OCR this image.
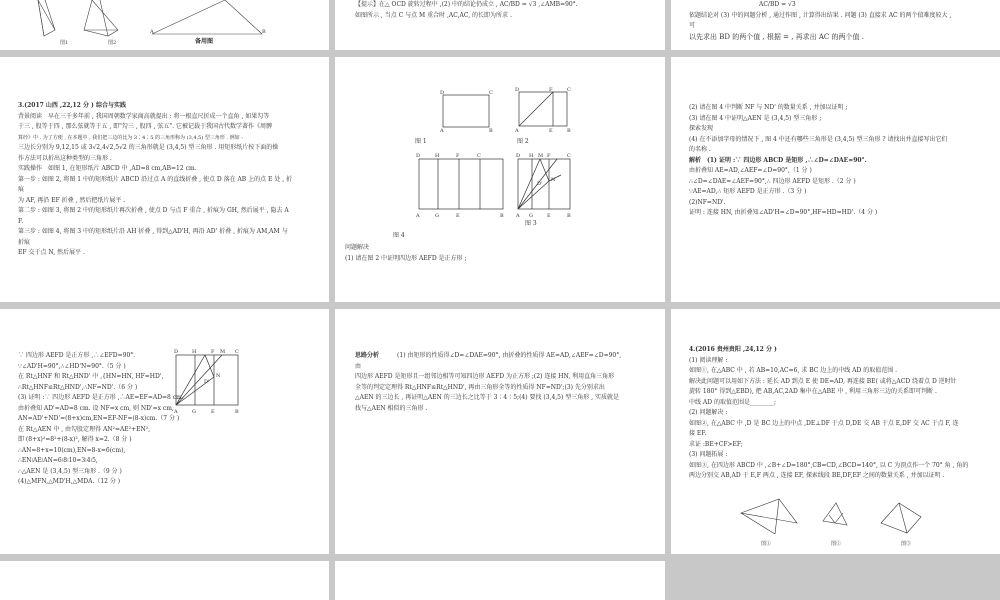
图1	图2
A	B
备用图

【提示】在△ OCD 旋转过程中 ,(2) 中的结论仍成立 , AC/BD = √3 ,∠AMB=90°.

如图所示 , 当点 C 与点 M 重合时 ,AC,AC, 的长即为所求 .

AC/BD = √3

依题结论对 (3) 中的问题分析 , 通过作图 , 计算得出结果 . 问题 (3) 直接求 AC 的两个值难度较大 ,

可

以先求出 BD 的两个值 , 根据 = , 再求出 AC 的两个值 .

3.(2017 山西 ,22,12 分 ) 综合与实践

背景阅读　早在三千多年前 , 我国周朝数学家商高就提出 : 将一根直尺折成一个直角 , 如果勾等

于三 , 股等于四 , 那么弦就等于五 , 即"勾三 , 股四 , 弦五". 它被记载于我国古代数学著作《周髀

算经》中 . 为了方便 , 在本题中 , 我们把三边的比为 3∶4∶5 的三角形称为 (3,4,5) 型三角形 . 例如 :

三边长分别为 9,12,15 或 3√2,4√2,5√2 的三角形就是 (3,4,5) 型三角形 . 用矩形纸片按下面的操

作方法可以折出这种类型的三角形 .

实践操作　如图 1, 在矩形纸片 ABCD 中 ,AD=8 cm,AB=12 cm.

第一步 : 如图 2, 将图 1 中的矩形纸片 ABCD 沿过点 A 的直线折叠 , 使点 D 落在 AB 上的点 E 处 , 折

痕

为 AF, 再沿 EF 折叠 , 然后把纸片展平 .

第二步 : 如图 3, 将图 2 中的矩形纸片再次折叠 , 使点 D 与点 F 重合 , 折痕为 GH, 然后展平 , 隐去 A

F.

第三步 : 如图 4, 将图 3 中的矩形纸片沿 AH 折叠 , 得到△AD'H, 再沿 AD' 折叠 , 折痕为 AM,AM 与

折痕

EF 交于点 N, 然后展平 .

D	C
A	B
D	F	C
A	E	B
D	H	F	C
A	G	E	B
D H M F	C
N
D'
A G	E	B
图 1	图 2
图 4
图 3

问题解决

(1) 请在图 2 中证明四边形 AEFD 是正方形 ;

(2) 请在图 4 中判断 NF 与 ND' 的数量关系 , 并加以证明 ;

(3) 请在图 4 中证明△AEN 是 (3,4,5) 型三角形 ;

探索发现

(4) 在不添加字母的情况下 , 图 4 中还有哪些三角形是 (3,4,5) 型三角形 ? 请找出并直接写出它们

的名称 .

解析　(1) 证明 :∵ 四边形 ABCD 是矩形 ,∴∠D=∠DAE=90°.

由折叠知 AE=AD,∠AEF=∠D=90°,（1 分 )

∴∠D=∠DAE=∠AEF=90°,∴ 四边形 AEFD 是矩形 .（2 分 )

∵AE=AD,∴ 矩形 AEFD 是正方形 .（3 分 )

(2)NF=ND'.

证明 : 连接 HN, 由折叠知∠AD'H=∠D=90°,HF=HD=HD'.（4 分 )

D	H	F M C
N
D'
A	G	E	B

∵ 四边形 AEFD 是正方形 ,∴∠EFD=90°.

∵∠AD'H=90°,∴∠HD'N=90°.（5 分 )

在 Rt△HNF 和 Rt△HND' 中 ,{HN=HN, HF=HD',

∴Rt△HNF≌Rt△HND',∴NF=ND'.（6 分 )

(3) 证明 :∵ 四边形 AEFD 是正方形 ,∴AE=EF=AD=8 cm.

由折叠知 AD'=AD=8 cm. 设 NF=x cm, 则 ND'=x cm,

AN=AD'+ND'=(8+x)cm,EN=EF-NF=(8-x)cm.（7 分 )

在 Rt△AEN 中 , 由勾股定理得 AN²=AE²+EN²,

即 (8+x)²=8²+(8-x)², 解得 x=2.（8 分 )

∴AN=8+x=10(cm),EN=8-x=6(cm),

∴EN∶AE∶AN=6∶8∶10=3∶4∶5,

∴△AEN 是 (3,4,5) 型三角形 .（9 分 )

(4)△MFN,△MD'H,△MDA.（12 分 )

思路分析　　　	(1) 由矩形的性质得∠D=∠DAE=90°, 由折叠的性质得 AE=AD,∠AEF=∠D=90°,

由

四边形 AEFD 是矩形且一组邻边相等可知四边形 AEFD 为正方形 ;(2) 连接 HN, 利用直角三角形

全等的判定定理得 Rt△HNF≌Rt△HND', 再由三角形全等的性质得 NF=ND';(3) 先分别求出

△AEN 的三边长 , 再证明△AEN 的三边长之比等于 3∶4∶5;(4) 要找 (3,4,5) 型三角形 , 实质就是

找与△AEN 相似的三角形 .

4.(2016 贵州贵阳 ,24,12 分 )

(1) 阅读理解 :

如图①, 在△ABC 中 , 若 AB=10,AC=6, 求 BC 边上的中线 AD 的取值范围 .

解决此问题可以用如下方法 : 延长 AD 到点 E 使 DE=AD, 再连接 BE( 或将△ACD 绕着点 D 逆时针

旋转 180° 得到△EBD), 把 AB,AC,2AD 集中在△ABE 中 , 利用三角形三边的关系即可判断 .

中线 AD 的取值范围是________;

(2) 问题解决 :

如图②, 在△ABC 中 ,D 是 BC 边上的中点 ,DE⊥DF 于点 D,DE 交 AB 于点 E,DF 交 AC 于点 F, 连

接 EF.

求证 :BE+CF>EF;

(3) 问题拓展 :

如图③, 在四边形 ABCD 中 ,∠B+∠D=180°,CB=CD,∠BCD=140°, 以 C 为顶点作一个 70° 角 , 角的

两边分别交 AB,AD 于 E,F 两点 , 连接 EF, 探索线段 BE,DF,EF 之间的数量关系 , 并加以证明 .

图①	图②	图③
